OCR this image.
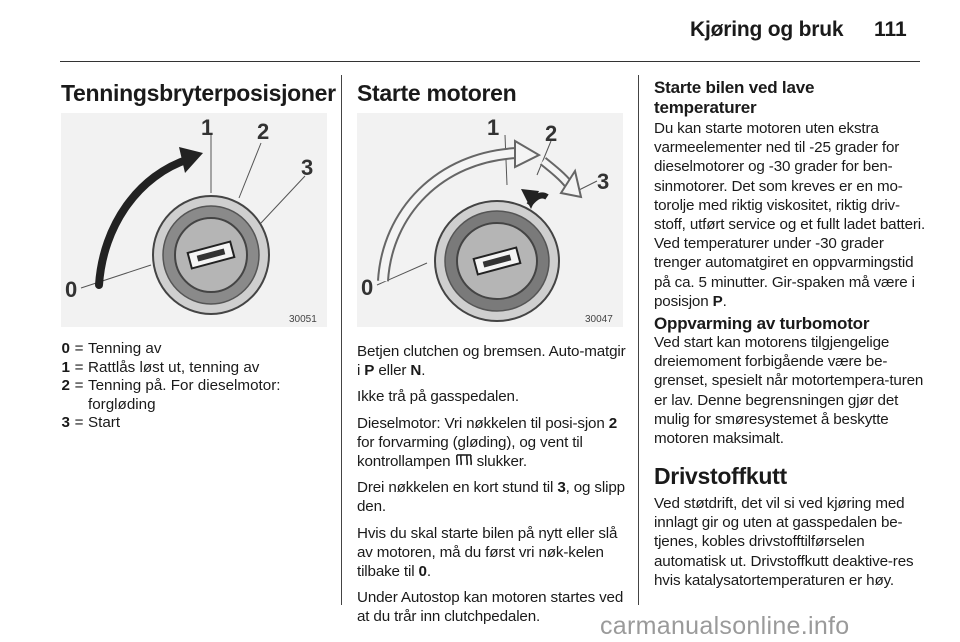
Kjøring og bruk 111
Tenningsbryterposisjoner
1 2
3
0
30051
0 = Tenning av
1 = Rattlås løst ut, tenning av
2 = Tenning på. For dieselmotor: forgløding
3 = Start
Starte motoren
1 2
3
0
30047

Betjen clutchen og bremsen. Auto-matgir i P eller N.

Ikke trå på gasspedalen.

Dieselmotor: Vri nøkkelen til posi-sjon 2 for forvarming (gløding), og vent til kontrollampen  slukker.

Drei nøkkelen en kort stund til 3, og slipp den.

Hvis du skal starte bilen på nytt eller slå av motoren, må du først vri nøk-kelen tilbake til 0.

Under Autostop kan motoren startes ved at du trår inn clutchpedalen.

Starte bilen ved lave temperaturer

Du kan starte motoren uten ekstra varmeelementer ned til -25 grader for dieselmotorer og -30 grader for ben-sinmotorer. Det som kreves er en mo-torolje med riktig viskositet, riktig driv-stoff, utført service og et fullt ladet batteri. Ved temperaturer under -30 grader trenger automatgiret en oppvarmingstid på ca. 5 minutter. Gir-spaken må være i posisjon P.

Oppvarming av turbomotor

Ved start kan motorens tilgjengelige dreiemoment forbigående være be-grenset, spesielt når motortempera-turen er lav. Denne begrensningen gjør det mulig for smøresystemet å beskytte motoren maksimalt.

Drivstoffkutt

Ved støtdrift, det vil si ved kjøring med innlagt gir og uten at gasspedalen be-tjenes, kobles drivstofftilførselen automatisk ut. Drivstoffkutt deaktive-res hvis katalysatortemperaturen er høy.

carmanualsonline.info
